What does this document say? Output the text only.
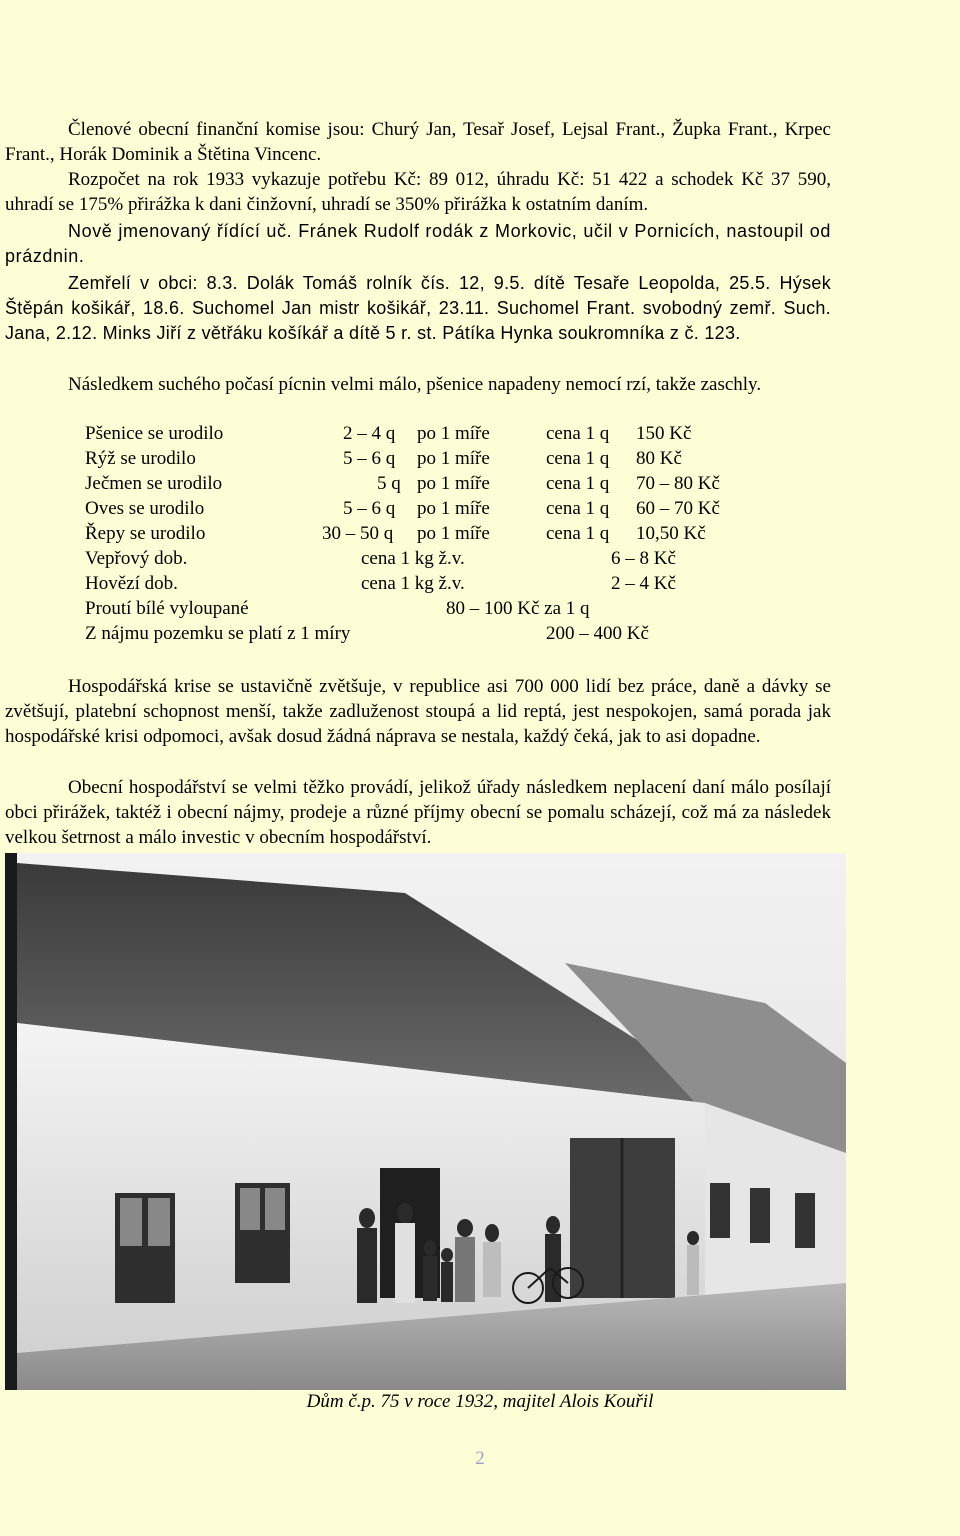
Členové obecní finanční komise jsou: Churý Jan, Tesař Josef, Lejsal Frant., Župka Frant., Krpec Frant., Horák Dominik a Štětina Vincenc.

Rozpočet na rok 1933 vykazuje potřebu Kč: 89 012, úhradu Kč: 51 422 a schodek Kč 37 590, uhradí se 175% přirážka k dani činžovní, uhradí se 350% přirážka k ostatním daním.

Nově jmenovaný řídící uč. Fránek Rudolf rodák z Morkovic, učil v Pornicích, nastoupil od prázdnin.

Zemřelí v obci: 8.3. Dolák Tomáš rolník čís. 12, 9.5. dítě Tesaře Leopolda, 25.5. Hýsek Štěpán košikář, 18.6. Suchomel Jan mistr košikář, 23.11. Suchomel Frant. svobodný zemř. Such. Jana, 2.12. Minks Jiří z větřáku košíkář a dítě 5 r. st. Pátíka Hynka soukromníka z č. 123.

Následkem suchého počasí pícnin velmi málo, pšenice napadeny nemocí rzí, takže zaschly.

Pšenice se urodilo	2 – 4 q po 1 míře	cena 1 q 150 Kč
Rýž se urodilo	5 – 6 q po 1 míře	cena 1 q 80 Kč
Ječmen se urodilo	5 q po 1 míře	cena 1 q 70 – 80 Kč
Oves se urodilo	5 – 6 q po 1 míře	cena 1 q 60 – 70 Kč
Řepy se urodilo	30 – 50 q po 1 míře	cena 1 q 10,50 Kč
Vepřový dob.	cena 1 kg ž.v.	6 – 8 Kč
Hovězí dob.	cena 1 kg ž.v.	2 – 4 Kč
Proutí bílé vyloupané	80 – 100 Kč za 1 q
Z nájmu pozemku se platí z 1 míry	200 – 400 Kč

Hospodářská krise se ustavičně zvětšuje, v republice asi 700 000 lidí bez práce, daně a dávky se zvětšují, platební schopnost menší, takže zadluženost stoupá a lid reptá, jest nespokojen, samá porada jak hospodářské krisi odpomoci, avšak dosud žádná náprava se nestala, každý čeká, jak to asi dopadne.

Obecní hospodářství se velmi těžko provádí, jelikož úřady následkem neplacení daní málo posílají obci přirážek, taktéž i obecní nájmy, prodeje a různé příjmy obecní se pomalu scházejí, což má za následek velkou šetrnost a málo investic v obecním hospodářství.

Dům č.p. 75 v roce 1932, majitel Alois Kouřil
2
